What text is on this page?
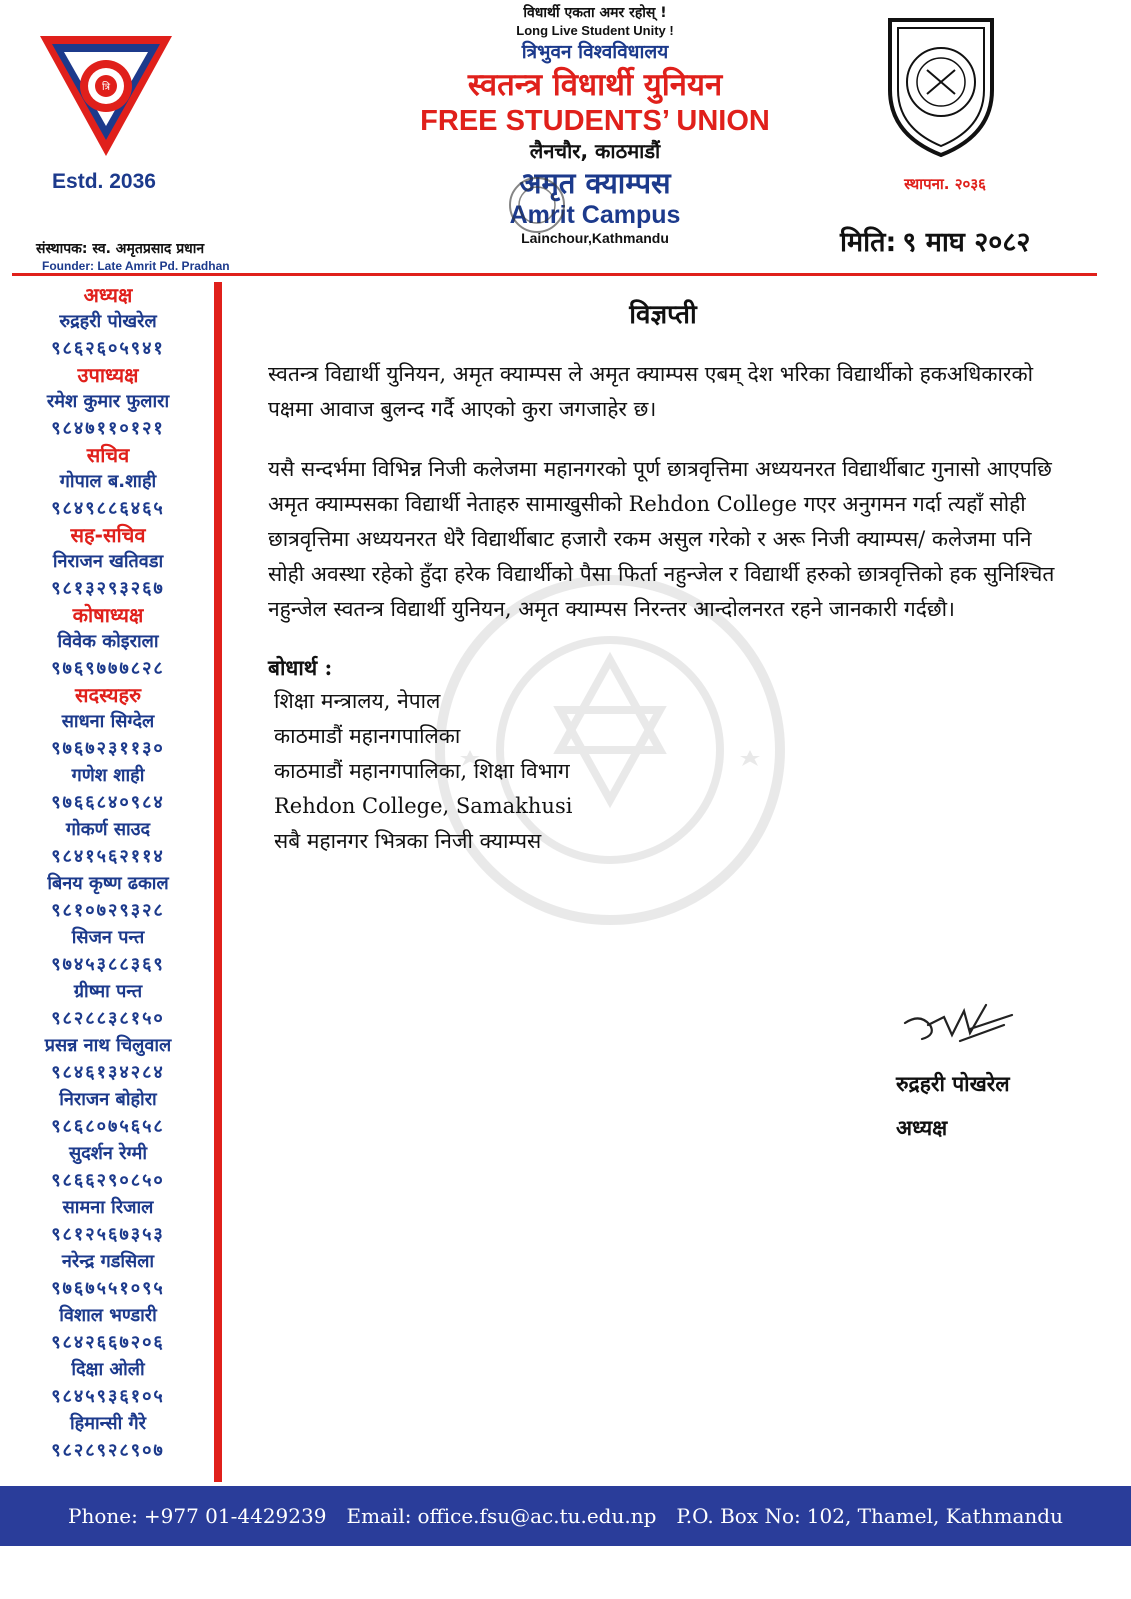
त्रि
Estd. 2036
संस्थापक: स्व. अमृतप्रसाद प्रधान
Founder: Late Amrit Pd. Pradhan
विधार्थी एकता अमर रहोस् !
Long Live Student Unity !
त्रिभुवन विश्वविधालय
स्वतन्त्र विधार्थी युनियन
FREE STUDENTS’ UNION
लैनचौर, काठमाडौं
अमृत क्याम्पस
Amrit Campus
Lainchour,Kathmandu
स्थापना. २०३६
मिति: ९ माघ २०८२
अध्यक्ष
रुद्रहरी पोखरेल
९८६२६०५९४१
उपाध्यक्ष
रमेश कुमार फुलारा
९८४७११०१२१
सचिव
गोपाल ब.शाही
९८४९८८६४६५
सह-सचिव
निराजन खतिवडा
९८१३२९३२६७
कोषाध्यक्ष
विवेक कोइराला
९७६९७७७८२८
सदस्यहरु
साधना सिग्देल
९७६७२३११३०
गणेश शाही
९७६६८४०९८४
गोकर्ण साउद
९८४१५६२११४
बिनय कृष्ण ढकाल
९८१०७२९३२८
सिजन पन्त
९७४५३८८३६९
ग्रीष्मा पन्त
९८२८८३८१५०
प्रसन्न नाथ चिलुवाल
९८४६१३४२८४
निराजन बोहोरा
९८६८०७५६५८
सुदर्शन रेग्मी
९८६६२९०८५०
सामना रिजाल
९८१२५६७३५३
नरेन्द्र गडसिला
९७६७५५१०९५
विशाल भण्डारी
९८४२६६७२०६
दिक्षा ओली
९८४५९३६१०५
हिमान्सी गैरे
९८२८९२८९०७
विज्ञप्ती

स्वतन्त्र विद्यार्थी युनियन, अमृत क्याम्पस ले अमृत क्याम्पस एबम् देश भरिका विद्यार्थीको हकअधिकारको पक्षमा आवाज बुलन्द गर्दै आएको कुरा जगजाहेर छ।

यसै सन्दर्भमा विभिन्न निजी कलेजमा महानगरको पूर्ण छात्रवृत्तिमा अध्ययनरत विद्यार्थीबाट गुनासो आएपछि अमृत क्याम्पसका विद्यार्थी नेताहरु सामाखुसीको Rehdon College गएर अनुगमन गर्दा त्यहाँ सोही छात्रवृत्तिमा अध्ययनरत धेरै विद्यार्थीबाट हजारौ रकम असुल गरेको र अरू निजी क्याम्पस/ कलेजमा पनि सोही अवस्था रहेको हुँदा हरेक विद्यार्थीको पैसा फिर्ता नहुन्जेल र विद्यार्थी हरुको छात्रवृत्तिको हक सुनिश्चित नहुन्जेल स्वतन्त्र विद्यार्थी युनियन, अमृत क्याम्पस निरन्तर आन्दोलनरत रहने जानकारी गर्दछौ।

बोधार्थ :
शिक्षा मन्त्रालय, नेपाल
काठमाडौं महानगपालिका
काठमाडौं महानगपालिका, शिक्षा विभाग
Rehdon College, Samakhusi
सबै महानगर भित्रका निजी क्याम्पस
रुद्रहरी पोखरेल
अध्यक्ष
Phone: +977 01-4429239 Email: office.fsu@ac.tu.edu.np P.O. Box No: 102, Thamel, Kathmandu
